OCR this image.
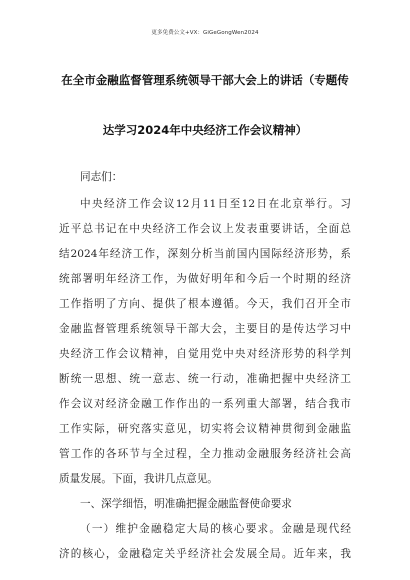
更多免费公文+VX：GiGeGongWen2024
在全市金融监督管理系统领导干部大会上的讲话（专题传
达学习2024年中央经济工作会议精神）
同志们：
中央经济工作会议12月11日至12日在北京举行。习
近平总书记在中央经济工作会议上发表重要讲话，全面总
结2024年经济工作，深刻分析当前国内国际经济形势，系
统部署明年经济工作，为做好明年和今后一个时期的经济
工作指明了方向、提供了根本遵循。今天，我们召开全市
金融监督管理系统领导干部大会，主要目的是传达学习中
央经济工作会议精神，自觉用党中央对经济形势的科学判
断统一思想、统一意志、统一行动，准确把握中央经济工
作会议对经济金融工作作出的一系列重大部署，结合我市
工作实际，研究落实意见，切实将会议精神贯彻到金融监
管工作的各环节与全过程，全力推动金融服务经济社会高
质量发展。下面，我讲几点意见。
一、深学细悟，明准确把握金融监督使命要求
（一）维护金融稳定大局的核心要求。金融是现代经
济的核心，金融稳定关乎经济社会发展全局。近年来，我
